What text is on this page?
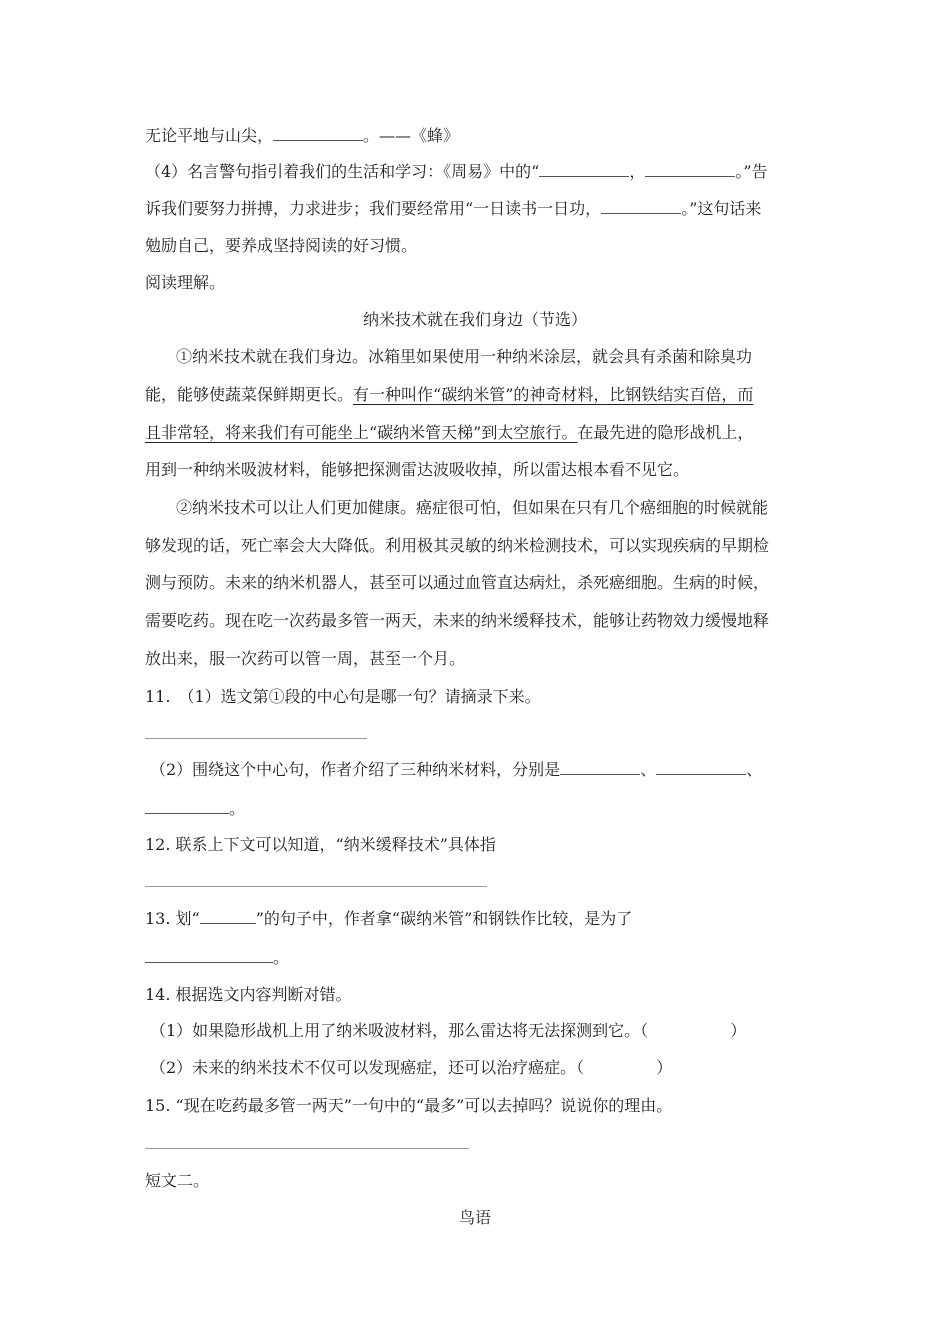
无论平地与山尖，	。——《蜂》

（4）名言警句指引着我们的生活和学习：《周易》中的“	，	。”告

诉我们要努力拼搏，力求进步；我们要经常用“一日读书一日功，	。”这句话来

勉励自己，要养成坚持阅读的好习惯。

阅读理解。

纳米技术就在我们身边（节选）

①纳米技术就在我们身边。冰箱里如果使用一种纳米涂层，就会具有杀菌和除臭功

能，能够使蔬菜保鲜期更长。有一种叫作“碳纳米管”的神奇材料，比钢铁结实百倍，而

且非常轻，将来我们有可能坐上“碳纳米管天梯”到太空旅行。在最先进的隐形战机上，

用到一种纳米吸波材料，能够把探测雷达波吸收掉，所以雷达根本看不见它。

②纳米技术可以让人们更加健康。癌症很可怕，但如果在只有几个癌细胞的时候就能

够发现的话，死亡率会大大降低。利用极其灵敏的纳米检测技术，可以实现疾病的早期检

测与预防。未来的纳米机器人，甚至可以通过血管直达病灶，杀死癌细胞。生病的时候，

需要吃药。现在吃一次药最多管一两天，未来的纳米缓释技术，能够让药物效力缓慢地释

放出来，服一次药可以管一周，甚至一个月。

11.　（1）选文第①段的中心句是哪一句？请摘录下来。

（2）围绕这个中心句，作者介绍了三种纳米材料，分别是	、	、

。

12. 联系上下文可以知道，“纳米缓释技术”具体指

13. 划“	”的句子中，作者拿“碳纳米管”和钢铁作比较，是为了

。

14. 根据选文内容判断对错。

（1）如果隐形战机上用了纳米吸波材料，那么雷达将无法探测到它。（	）

（2）未来的纳米技术不仅可以发现癌症，还可以治疗癌症。（	）

15. “现在吃药最多管一两天”一句中的“最多”可以去掉吗？说说你的理由。

短文二。

鸟语
